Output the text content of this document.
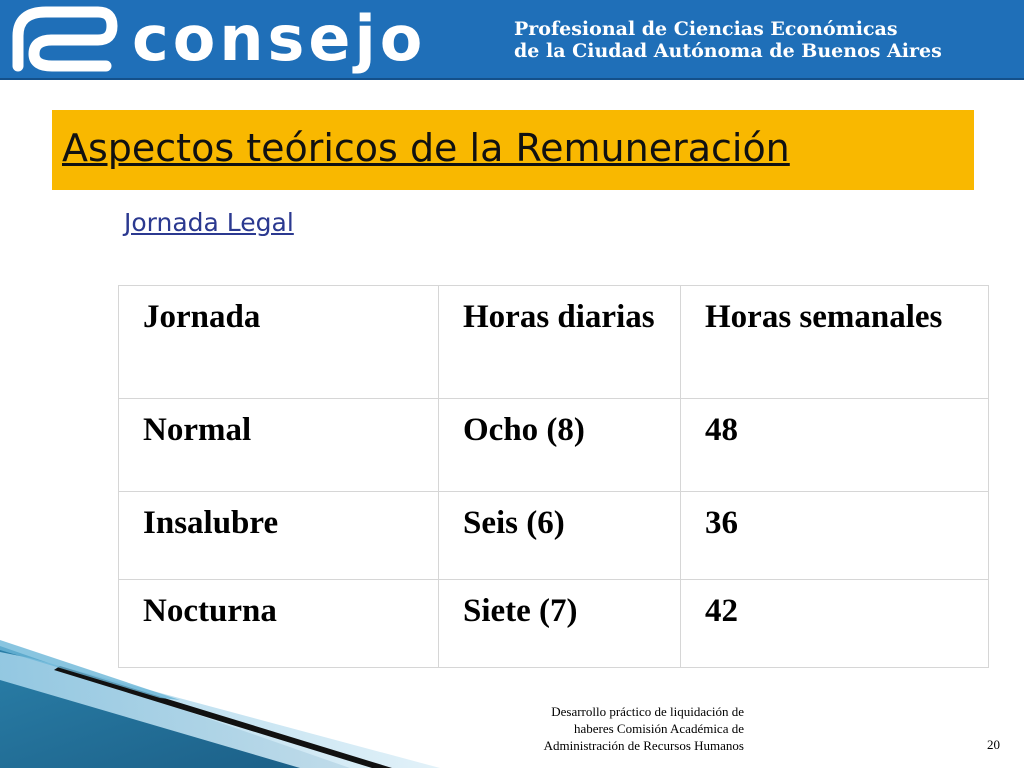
consejo	Profesional de Ciencias Económicas
de la Ciudad Autónoma de Buenos Aires
Aspectos teóricos de la Remuneración
Jornada Legal
Jornada	Horas diarias	Horas semanales
Normal	Ocho (8)	48
Insalubre	Seis (6)	36
Nocturna	Siete (7)	42
Desarrollo práctico de liquidación de
haberes Comisión Académica de
Administración de Recursos Humanos	20
